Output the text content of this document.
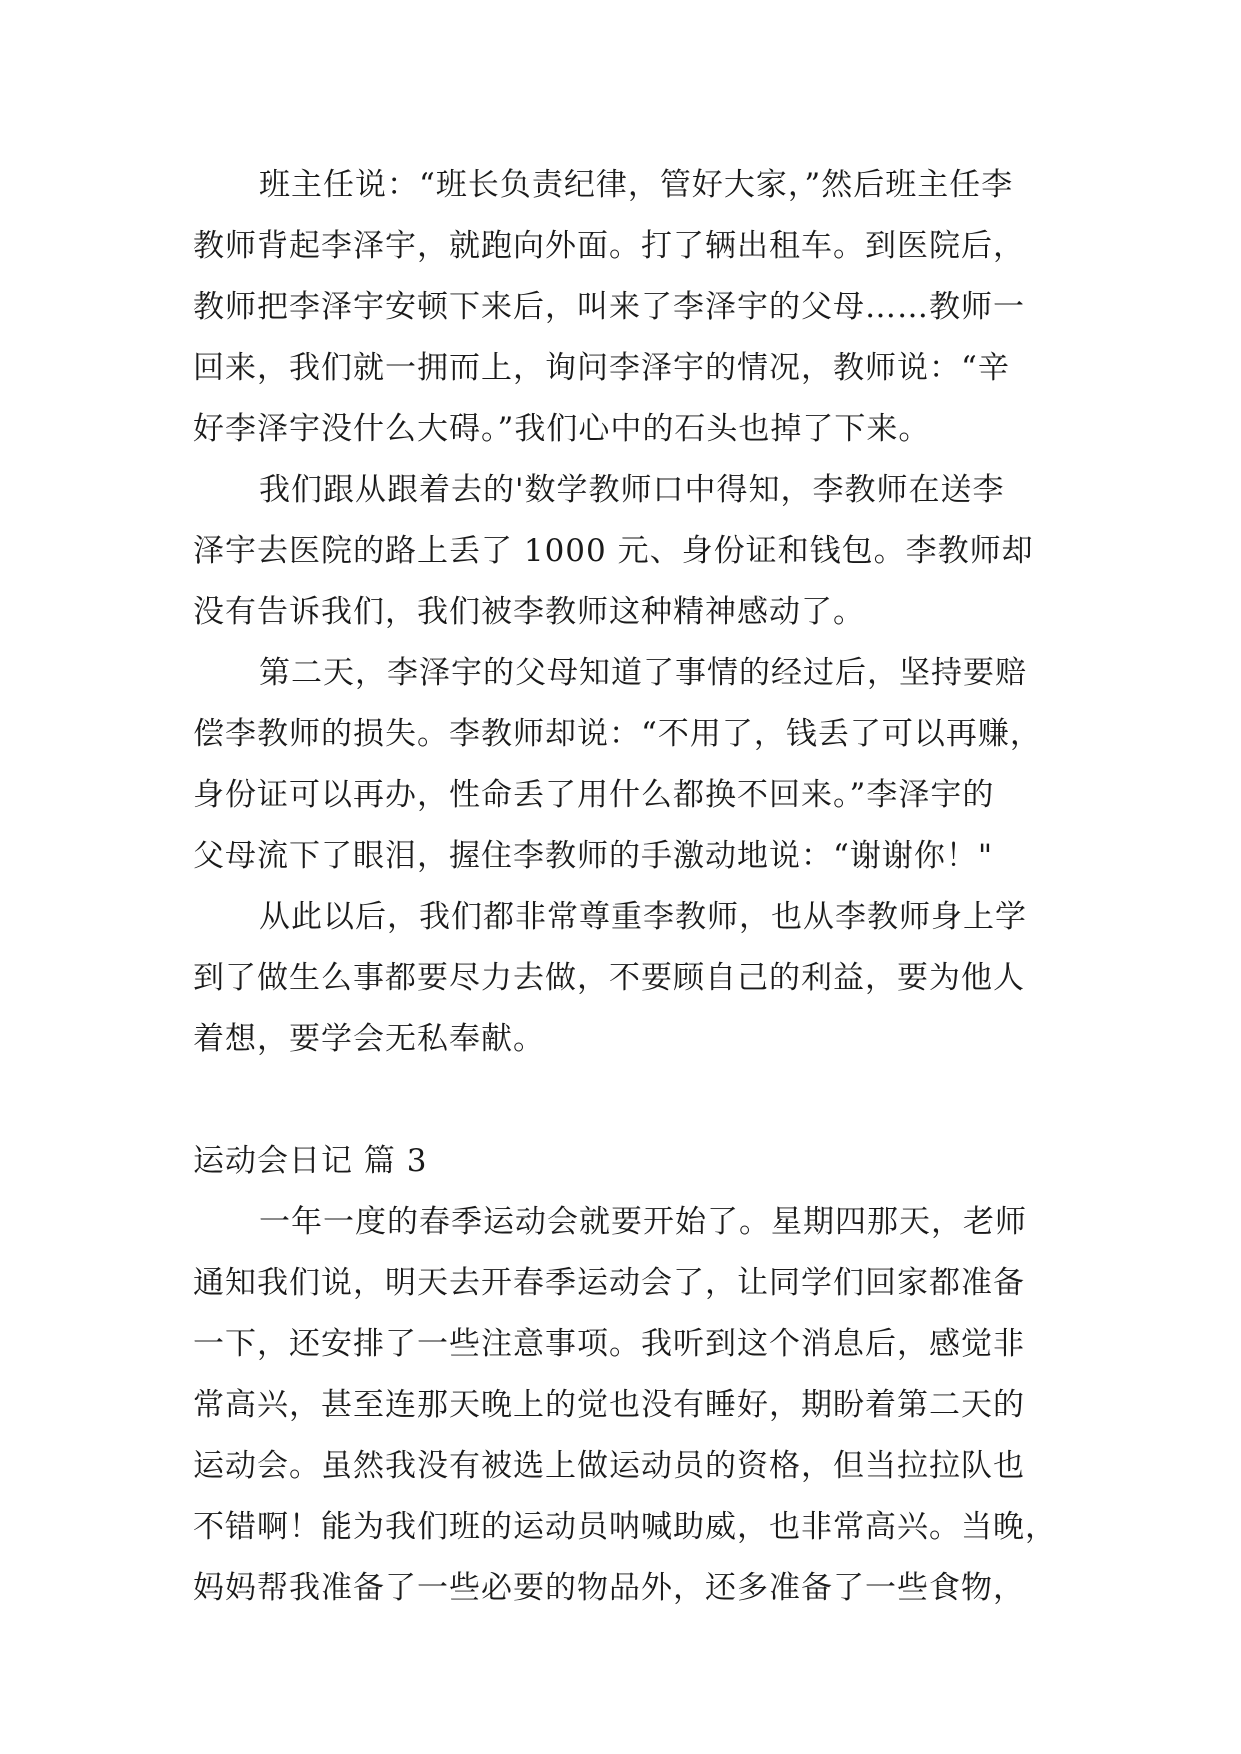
班主任说：“班长负责纪律，管好大家，”然后班主任李
教师背起李泽宇，就跑向外面。打了辆出租车。到医院后，
教师把李泽宇安顿下来后，叫来了李泽宇的父母……教师一
回来，我们就一拥而上，询问李泽宇的情况，教师说：“辛
好李泽宇没什么大碍。”我们心中的石头也掉了下来。
我们跟从跟着去的'数学教师口中得知，李教师在送李
泽宇去医院的路上丢了 1000 元、身份证和钱包。李教师却
没有告诉我们，我们被李教师这种精神感动了。
第二天，李泽宇的父母知道了事情的经过后，坚持要赔
偿李教师的损失。李教师却说：“不用了，钱丢了可以再赚，
身份证可以再办，性命丢了用什么都换不回来。”李泽宇的
父母流下了眼泪，握住李教师的手激动地说：“谢谢你！"
从此以后，我们都非常尊重李教师，也从李教师身上学
到了做生么事都要尽力去做，不要顾自己的利益，要为他人
着想，要学会无私奉献。
运动会日记 篇 3
一年一度的春季运动会就要开始了。星期四那天，老师
通知我们说，明天去开春季运动会了，让同学们回家都准备
一下，还安排了一些注意事项。我听到这个消息后，感觉非
常高兴，甚至连那天晚上的觉也没有睡好，期盼着第二天的
运动会。虽然我没有被选上做运动员的资格，但当拉拉队也
不错啊！能为我们班的运动员呐喊助威，也非常高兴。当晚，
妈妈帮我准备了一些必要的物品外，还多准备了一些食物，
